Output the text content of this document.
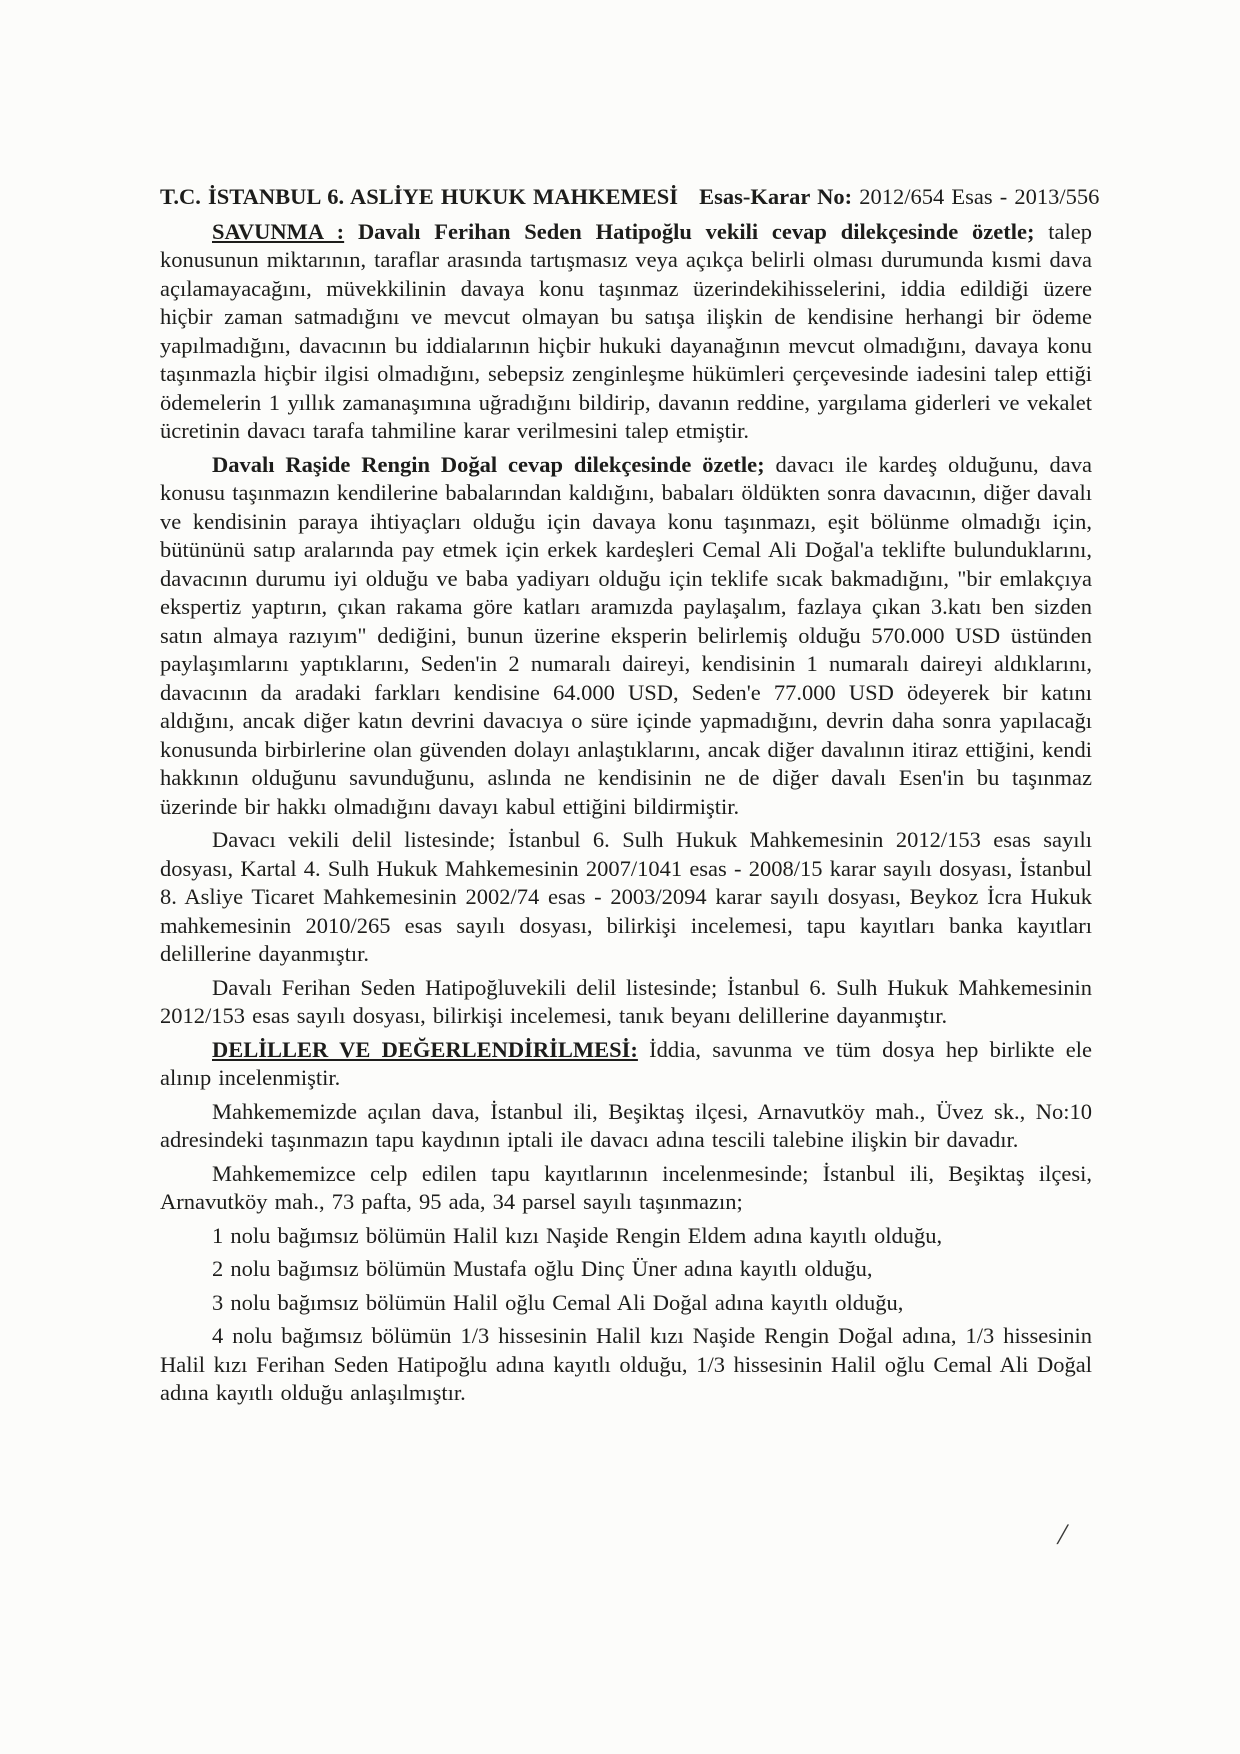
T.C. İSTANBUL 6. ASLİYE HUKUK MAHKEMESİ Esas-Karar No: 2012/654 Esas - 2013/556

SAVUNMA : Davalı Ferihan Seden Hatipoğlu vekili cevap dilekçesinde özetle; talep konusunun miktarının, taraflar arasında tartışmasız veya açıkça belirli olması durumunda kısmi dava açılamayacağını, müvekkilinin davaya konu taşınmaz üzerindekihisselerini, iddia edildiği üzere hiçbir zaman satmadığını ve mevcut olmayan bu satışa ilişkin de kendisine herhangi bir ödeme yapılmadığını, davacının bu iddialarının hiçbir hukuki dayanağının mevcut olmadığını, davaya konu taşınmazla hiçbir ilgisi olmadığını, sebepsiz zenginleşme hükümleri çerçevesinde iadesini talep ettiği ödemelerin 1 yıllık zamanaşımına uğradığını bildirip, davanın reddine, yargılama giderleri ve vekalet ücretinin davacı tarafa tahmiline karar verilmesini talep etmiştir.

Davalı Raşide Rengin Doğal cevap dilekçesinde özetle; davacı ile kardeş olduğunu, dava konusu taşınmazın kendilerine babalarından kaldığını, babaları öldükten sonra davacının, diğer davalı ve kendisinin paraya ihtiyaçları olduğu için davaya konu taşınmazı, eşit bölünme olmadığı için, bütününü satıp aralarında pay etmek için erkek kardeşleri Cemal Ali Doğal'a teklifte bulunduklarını, davacının durumu iyi olduğu ve baba yadiyarı olduğu için teklife sıcak bakmadığını, "bir emlakçıya ekspertiz yaptırın, çıkan rakama göre katları aramızda paylaşalım, fazlaya çıkan 3.katı ben sizden satın almaya razıyım" dediğini, bunun üzerine eksperin belirlemiş olduğu 570.000 USD üstünden paylaşımlarını yaptıklarını, Seden'in 2 numaralı daireyi, kendisinin 1 numaralı daireyi aldıklarını, davacının da aradaki farkları kendisine 64.000 USD, Seden'e 77.000 USD ödeyerek bir katını aldığını, ancak diğer katın devrini davacıya o süre içinde yapmadığını, devrin daha sonra yapılacağı konusunda birbirlerine olan güvenden dolayı anlaştıklarını, ancak diğer davalının itiraz ettiğini, kendi hakkının olduğunu savunduğunu, aslında ne kendisinin ne de diğer davalı Esen'in bu taşınmaz üzerinde bir hakkı olmadığını davayı kabul ettiğini bildirmiştir.

Davacı vekili delil listesinde; İstanbul 6. Sulh Hukuk Mahkemesinin 2012/153 esas sayılı dosyası, Kartal 4. Sulh Hukuk Mahkemesinin 2007/1041 esas - 2008/15 karar sayılı dosyası, İstanbul 8. Asliye Ticaret Mahkemesinin 2002/74 esas - 2003/2094 karar sayılı dosyası, Beykoz İcra Hukuk mahkemesinin 2010/265 esas sayılı dosyası, bilirkişi incelemesi, tapu kayıtları banka kayıtları delillerine dayanmıştır.

Davalı Ferihan Seden Hatipoğluvekili delil listesinde; İstanbul 6. Sulh Hukuk Mahkemesinin 2012/153 esas sayılı dosyası, bilirkişi incelemesi, tanık beyanı delillerine dayanmıştır.

DELİLLER VE DEĞERLENDİRİLMESİ: İddia, savunma ve tüm dosya hep birlikte ele alınıp incelenmiştir.

Mahkememizde açılan dava, İstanbul ili, Beşiktaş ilçesi, Arnavutköy mah., Üvez sk., No:10 adresindeki taşınmazın tapu kaydının iptali ile davacı adına tescili talebine ilişkin bir davadır.

Mahkememizce celp edilen tapu kayıtlarının incelenmesinde; İstanbul ili, Beşiktaş ilçesi, Arnavutköy mah., 73 pafta, 95 ada, 34 parsel sayılı taşınmazın;

1 nolu bağımsız bölümün Halil kızı Naşide Rengin Eldem adına kayıtlı olduğu,

2 nolu bağımsız bölümün Mustafa oğlu Dinç Üner adına kayıtlı olduğu,

3 nolu bağımsız bölümün Halil oğlu Cemal Ali Doğal adına kayıtlı olduğu,

4 nolu bağımsız bölümün 1/3 hissesinin Halil kızı Naşide Rengin Doğal adına, 1/3 hissesinin Halil kızı Ferihan Seden Hatipoğlu adına kayıtlı olduğu, 1/3 hissesinin Halil oğlu Cemal Ali Doğal adına kayıtlı olduğu anlaşılmıştır.

/
